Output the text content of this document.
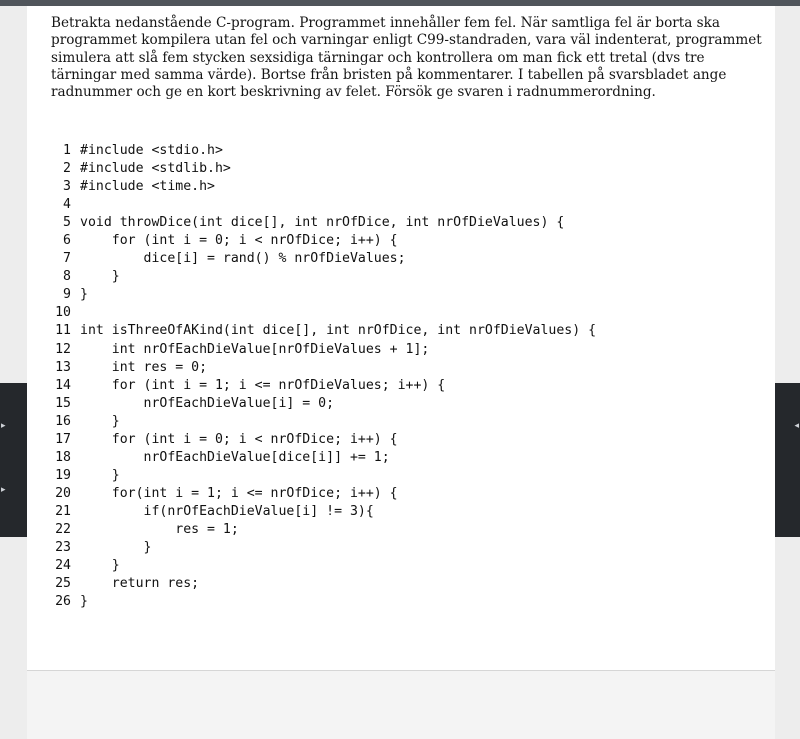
▸
▸
◂

Betrakta nedanstående C-program. Programmet innehåller fem fel. När samtliga fel är borta ska programmet kompilera utan fel och varningar enligt C99-standraden, vara väl indenterat, programmet simulera att slå fem stycken sexsidiga tärningar och kontrollera om man fick ett tretal (dvs tre tärningar med samma värde). Bortse från bristen på kommentarer. I tabellen på svarsbladet ange radnummer och ge en kort beskrivning av felet. Försök ge svaren i radnummerordning.

1 #include <stdio.h>
2 #include <stdlib.h>
3 #include <time.h>
4
5 void throwDice(int dice[], int nrOfDice, int nrOfDieValues) {
6 for (int i = 0; i < nrOfDice; i++) {
7 dice[i] = rand() % nrOfDieValues;
8 }
9 }
10
11 int isThreeOfAKind(int dice[], int nrOfDice, int nrOfDieValues) {
12 int nrOfEachDieValue[nrOfDieValues + 1];
13 int res = 0;
14 for (int i = 1; i <= nrOfDieValues; i++) {
15 nrOfEachDieValue[i] = 0;
16 }
17 for (int i = 0; i < nrOfDice; i++) {
18 nrOfEachDieValue[dice[i]] += 1;
19 }
20 for(int i = 1; i <= nrOfDice; i++) {
21 if(nrOfEachDieValue[i] != 3){
22 res = 1;
23 }
24 }
25 return res;
26 }
